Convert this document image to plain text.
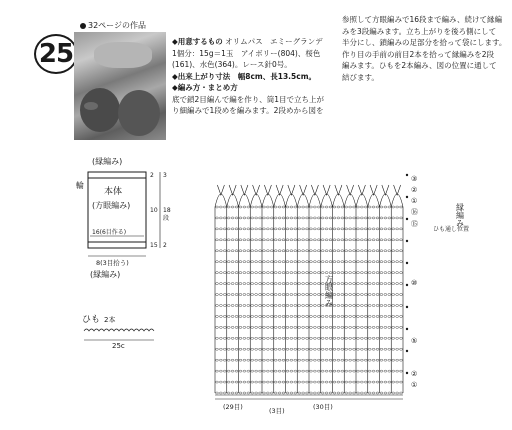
25
32ページの作品
◆用意するもの オリムパス　エミーグランデ
1個分：15g＝1玉　アイボリー(804)、桜色
(161)、水色(364)。レース針0号。
◆出来上がり寸法　幅8cm、長13.5cm。
◆編み方・まとめ方
底で鎖2目編んで編を作り、筒1目で立ち上が
り細編みで1段めを編みます。2段めから図を
参照して方眼編みで16段まで編み、続けて縁編
みを3段編みます。立ち上がりを後ろ側にして
半分にし、鎖編みの足部分を拾って袋にします。
作り目の手前の前目2本を拾って縁編みを2段
編みます。ひもを2本編み、図の位置に通して
結びます。
(縁編み)
輪
本体
(方眼編み)
16(6目作る)
8(3目拾う)
(縁編み)
2 3
10 18
段
15 2
ひも 2本
25c
縁編み
方眼編み
ひも通し位置
③
②
①
⑯
⑮
⑩
⑤
②
①
(29目)	(3目)	(30目)
